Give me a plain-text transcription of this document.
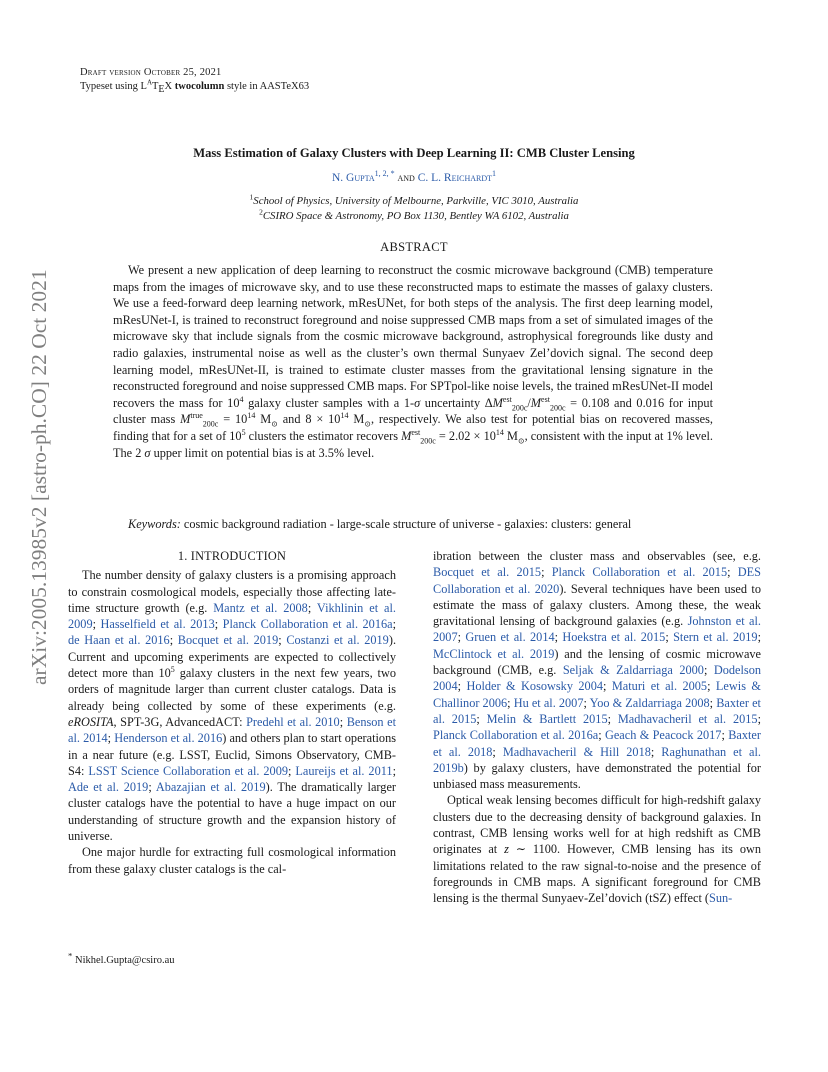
Draft version October 25, 2021
Typeset using $L^AT_EX$ twocolumn style in AASTeX63
arXiv:2005.13985v2 [astro-ph.CO] 22 Oct 2021
Mass Estimation of Galaxy Clusters with Deep Learning II: CMB Cluster Lensing
N. Gupta$^{1, 2, *}$ and C. L. Reichardt$^1$
$^1$School of Physics, University of Melbourne, Parkville, VIC 3010, Australia
$^2$CSIRO Space & Astronomy, PO Box 1130, Bentley WA 6102, Australia
ABSTRACT

We present a new application of deep learning to reconstruct the cosmic microwave background (CMB) temperature maps from the images of microwave sky, and to use these reconstructed maps to estimate the masses of galaxy clusters. We use a feed-forward deep learning network, mResUNet, for both steps of the analysis. The first deep learning model, mResUNet-I, is trained to reconstruct foreground and noise suppressed CMB maps from a set of simulated images of the microwave sky that include signals from the cosmic microwave background, astrophysical foregrounds like dusty and radio galaxies, instrumental noise as well as the cluster’s own thermal Sunyaev Zel’dovich signal. The second deep learning model, mResUNet-II, is trained to estimate cluster masses from the gravitational lensing signature in the reconstructed foreground and noise suppressed CMB maps. For SPTpol-like noise levels, the trained mResUNet-II model recovers the mass for $10^4$ galaxy cluster samples with a 1-σ uncertainty $\Delta M^{est}_{200c}/M^{est}_{200c} = 0.108$ and 0.016 for input cluster mass $M^{true}_{200c} = 10^{14}$ $M_⊙$ and $8 \times 10^{14}$ $M_⊙$, respectively. We also test for potential bias on recovered masses, finding that for a set of $10^5$ clusters the estimator recovers $M^{est}_{200c} = 2.02 \times 10^{14}$ $M_⊙$, consistent with the input at 1% level. The 2 σ upper limit on potential bias is at 3.5% level.

Keywords: cosmic background radiation - large-scale structure of universe - galaxies: clusters: general
1. INTRODUCTION

The number density of galaxy clusters is a promising approach to constrain cosmological models, especially those affecting late-time structure growth (e.g. Mantz et al. 2008; Vikhlinin et al. 2009; Hasselfield et al. 2013; Planck Collaboration et al. 2016a; de Haan et al. 2016; Bocquet et al. 2019; Costanzi et al. 2019). Current and upcoming experiments are expected to collectively detect more than $10^5$ galaxy clusters in the next few years, two orders of magnitude larger than current cluster catalogs. Data is already being collected by some of these experiments (e.g. eROSITA, SPT-3G, AdvancedACT: Predehl et al. 2010; Benson et al. 2014; Henderson et al. 2016) and others plan to start operations in a near future (e.g. LSST, Euclid, Simons Observatory, CMB-S4: LSST Science Collaboration et al. 2009; Laureijs et al. 2011; Ade et al. 2019; Abazajian et al. 2019). The dramatically larger cluster catalogs have the potential to have a huge impact on our understanding of structure growth and the expansion history of universe.

One major hurdle for extracting full cosmological information from these galaxy cluster catalogs is the cal-

* Nikhel.Gupta@csiro.au

ibration between the cluster mass and observables (see, e.g. Bocquet et al. 2015; Planck Collaboration et al. 2015; DES Collaboration et al. 2020). Several techniques have been used to estimate the mass of galaxy clusters. Among these, the weak gravitational lensing of background galaxies (e.g. Johnston et al. 2007; Gruen et al. 2014; Hoekstra et al. 2015; Stern et al. 2019; McClintock et al. 2019) and the lensing of cosmic microwave background (CMB, e.g. Seljak & Zaldarriaga 2000; Dodelson 2004; Holder & Kosowsky 2004; Maturi et al. 2005; Lewis & Challinor 2006; Hu et al. 2007; Yoo & Zaldarriaga 2008; Baxter et al. 2015; Melin & Bartlett 2015; Madhavacheril et al. 2015; Planck Collaboration et al. 2016a; Geach & Peacock 2017; Baxter et al. 2018; Madhavacheril & Hill 2018; Raghunathan et al. 2019b) by galaxy clusters, have demonstrated the potential for unbiased mass measurements.

Optical weak lensing becomes difficult for high-redshift galaxy clusters due to the decreasing density of background galaxies. In contrast, CMB lensing works well for at high redshift as CMB originates at z ∼ 1100. However, CMB lensing has its own limitations related to the raw signal-to-noise and the presence of foregrounds in CMB maps. A significant foreground for CMB lensing is the thermal Sunyaev-Zel’dovich (tSZ) effect (Sun-
